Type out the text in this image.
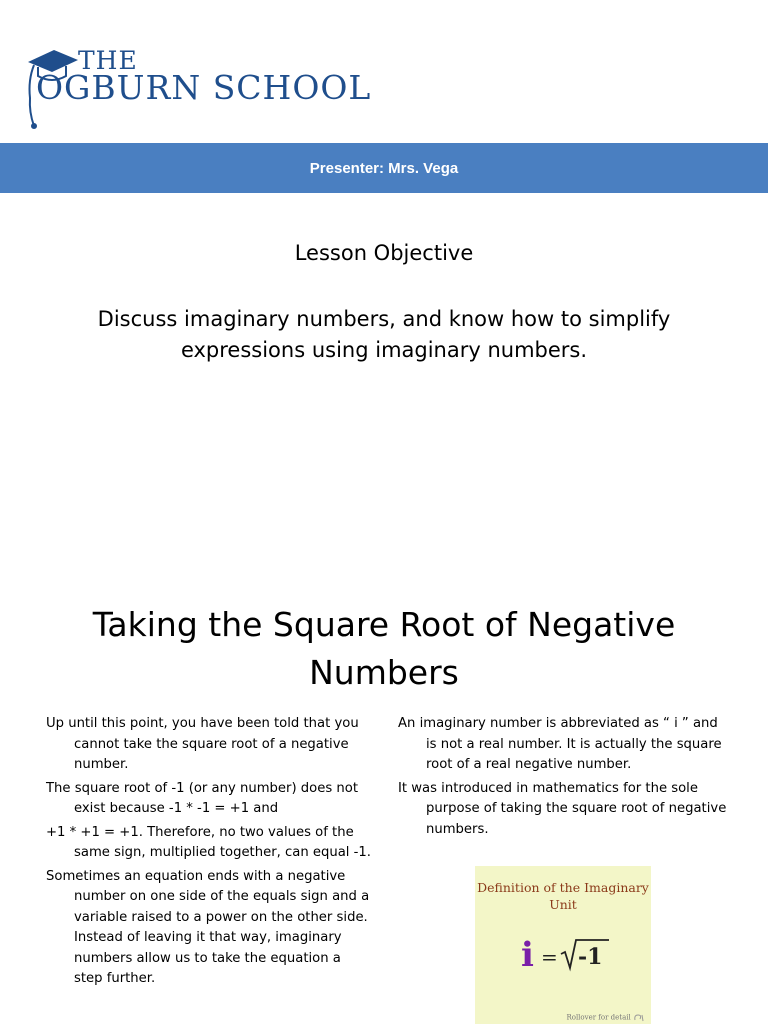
THE
OGBURN SCHOOL
Presenter: Mrs. Vega
Lesson Objective
Discuss imaginary numbers, and know how to simplify expressions using imaginary numbers.
Taking the Square Root of Negative Numbers

Up until this point, you have been told that you cannot take the square root of a negative number.

The square root of -1 (or any number) does not exist because -1 * -1 = +1 and

+1 * +1 = +1. Therefore, no two values of the same sign, multiplied together, can equal -1.

Sometimes an equation ends with a negative number on one side of the equals sign and a variable raised to a power on the other side. Instead of leaving it that way, imaginary numbers allow us to take the equation a step further.

An imaginary number is abbreviated as “ i ” and is not a real number. It is actually the square root of a real negative number.

It was introduced in mathematics for the sole purpose of taking the square root of negative numbers.

Definition of the Imaginary Unit
i = -1
Rollover for detail
